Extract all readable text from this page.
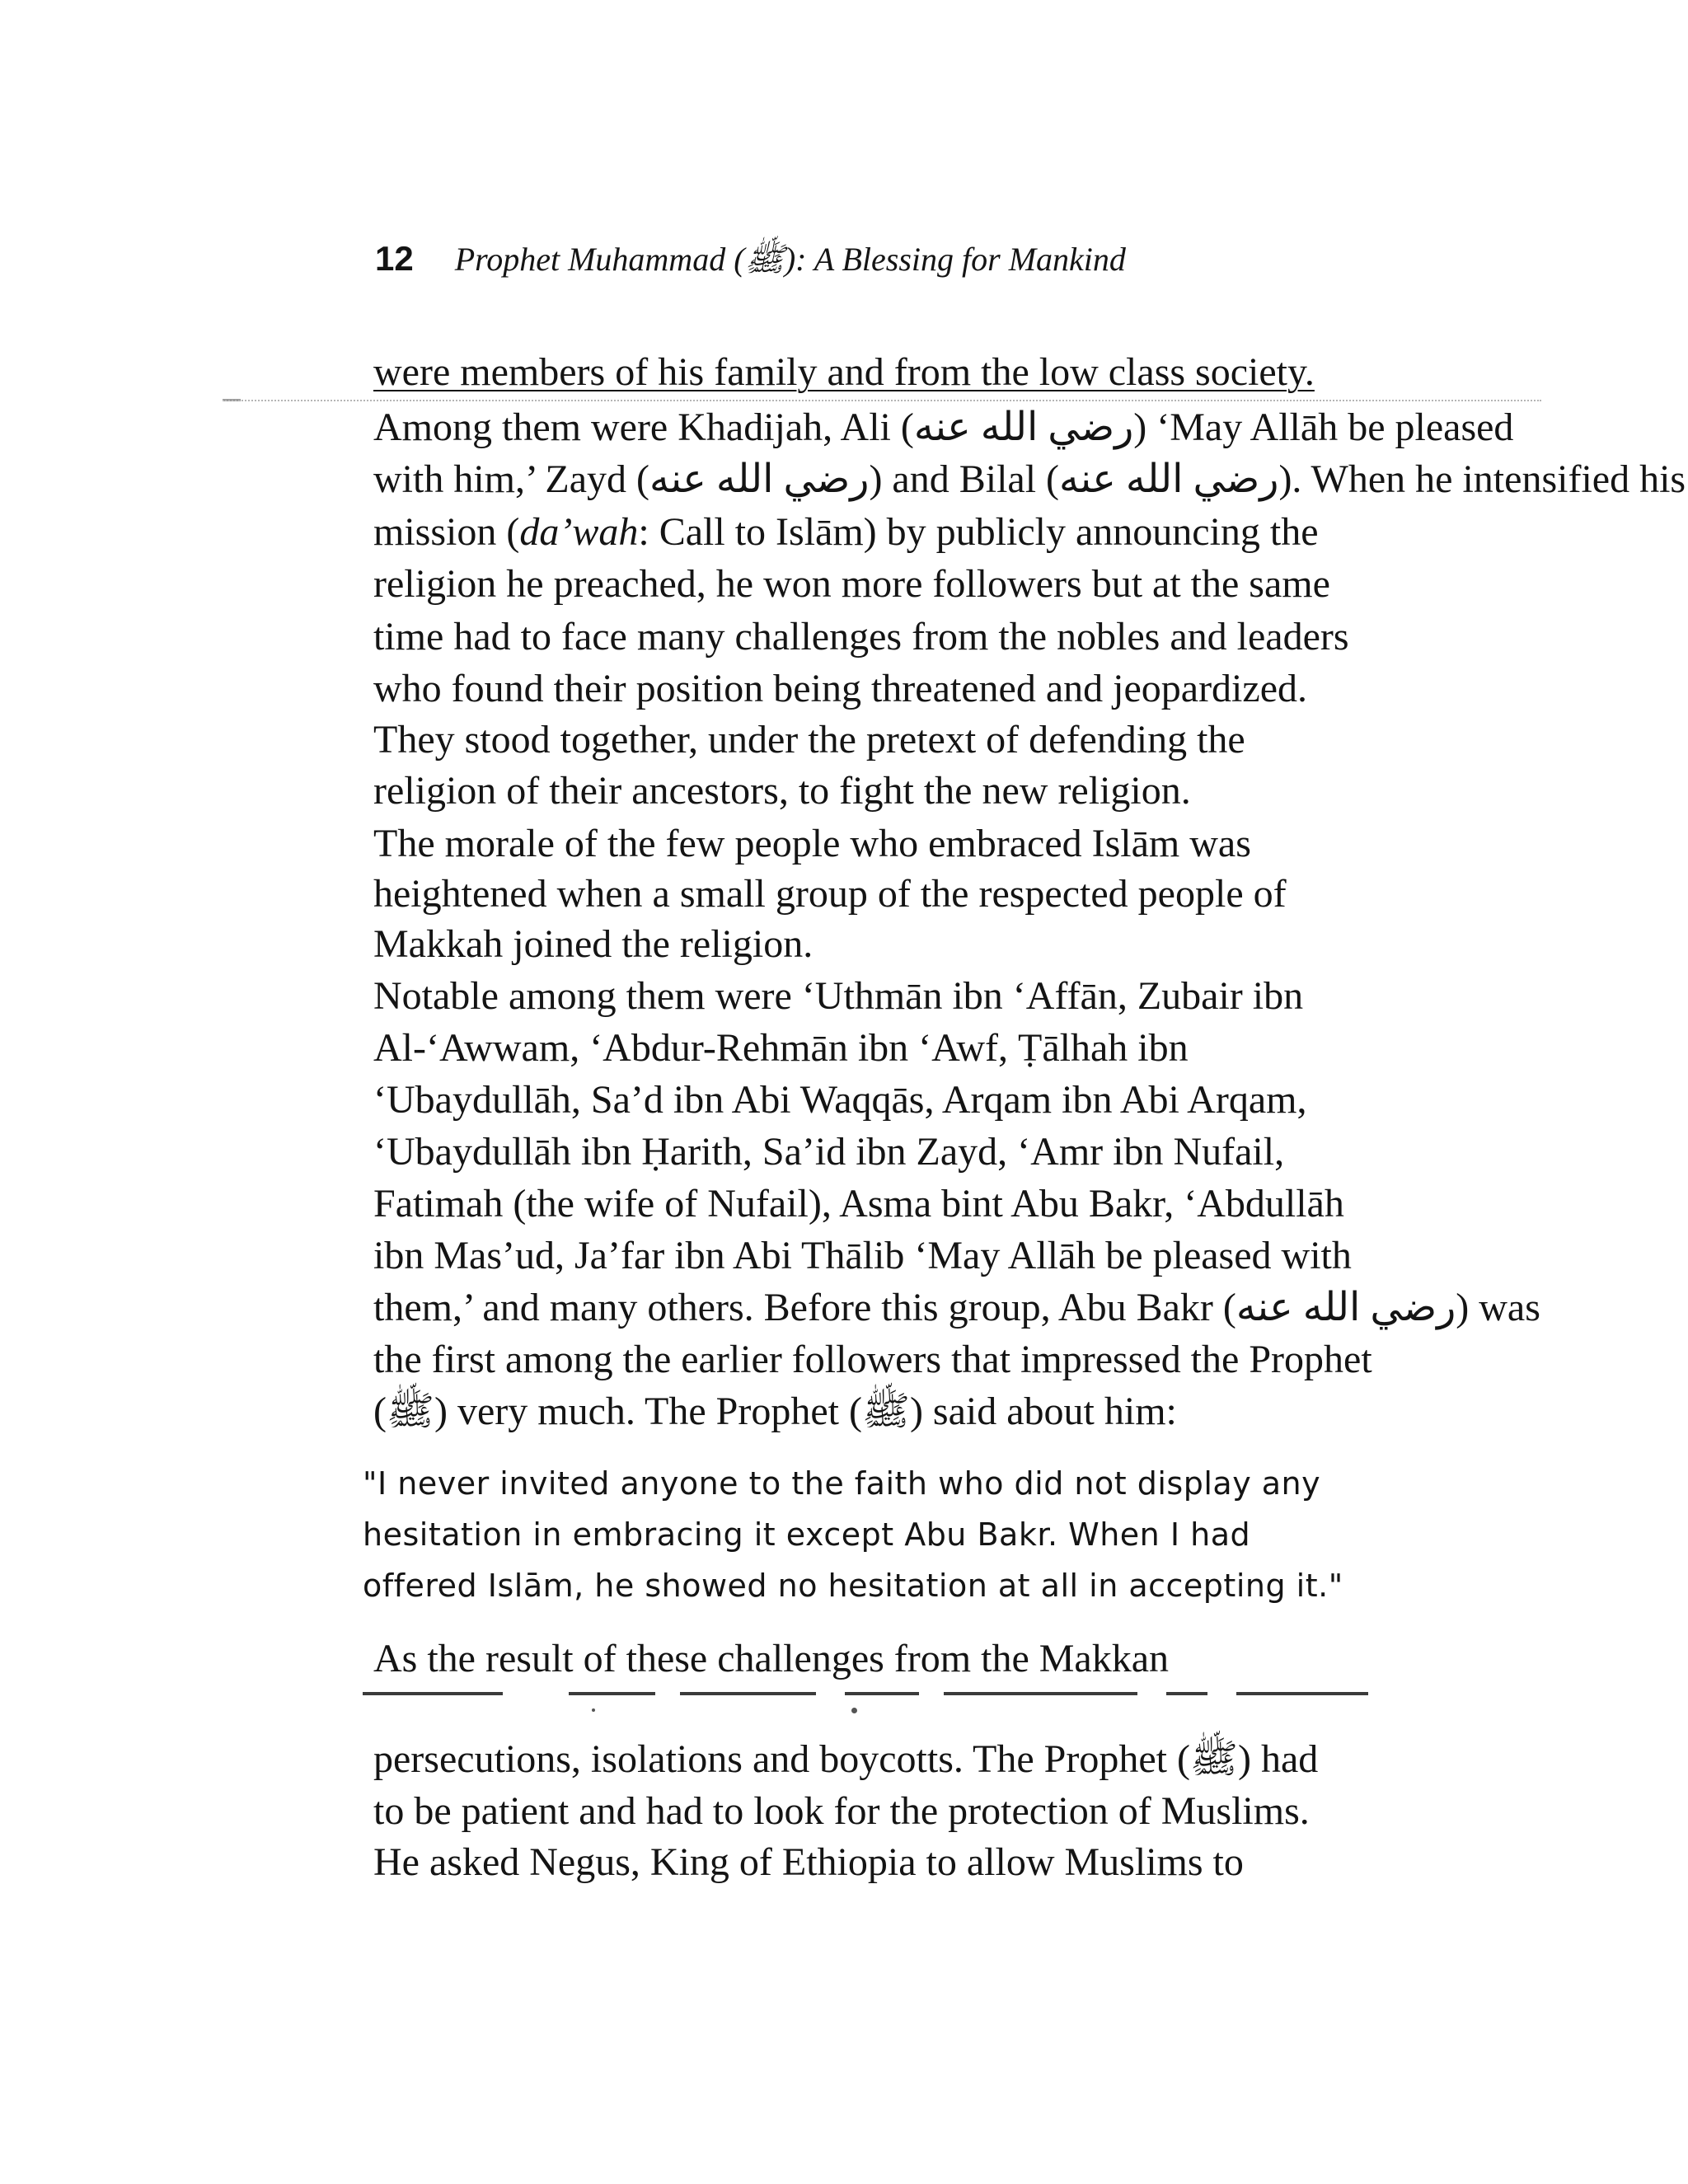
12 Prophet Muhammad (ﷺ): A Blessing for Mankind
were members of his family and from the low class society.
Among them were Khadijah, Ali (رضي الله عنه) ‘May Allāh be pleased
with him,’ Zayd (رضي الله عنه) and Bilal (رضي الله عنه). When he intensified his
mission (da’wah: Call to Islām) by publicly announcing the
religion he preached, he won more followers but at the same
time had to face many challenges from the nobles and leaders
who found their position being threatened and jeopardized.
They stood together, under the pretext of defending the
religion of their ancestors, to fight the new religion.
The morale of the few people who embraced Islām was
heightened when a small group of the respected people of
Makkah joined the religion.
Notable among them were ‘Uthmān ibn ‘Affān, Zubair ibn
Al-‘Awwam, ‘Abdur-Rehmān ibn ‘Awf, Ṭālhah ibn
‘Ubaydullāh, Sa’d ibn Abi Waqqās, Arqam ibn Abi Arqam,
‘Ubaydullāh ibn Ḥarith, Sa’id ibn Zayd, ‘Amr ibn Nufail,
Fatimah (the wife of Nufail), Asma bint Abu Bakr, ‘Abdullāh
ibn Mas’ud, Ja’far ibn Abi Thālib ‘May Allāh be pleased with
them,’ and many others. Before this group, Abu Bakr (رضي الله عنه) was
the first among the earlier followers that impressed the Prophet
(ﷺ) very much. The Prophet (ﷺ) said about him:
"I never invited anyone to the faith who did not display any
hesitation in embracing it except Abu Bakr. When I had
offered Islām, he showed no hesitation at all in accepting it."
As the result of these challenges from the Makkan
persecutions, isolations and boycotts. The Prophet (ﷺ) had
to be patient and had to look for the protection of Muslims.
He asked Negus, King of Ethiopia to allow Muslims to
